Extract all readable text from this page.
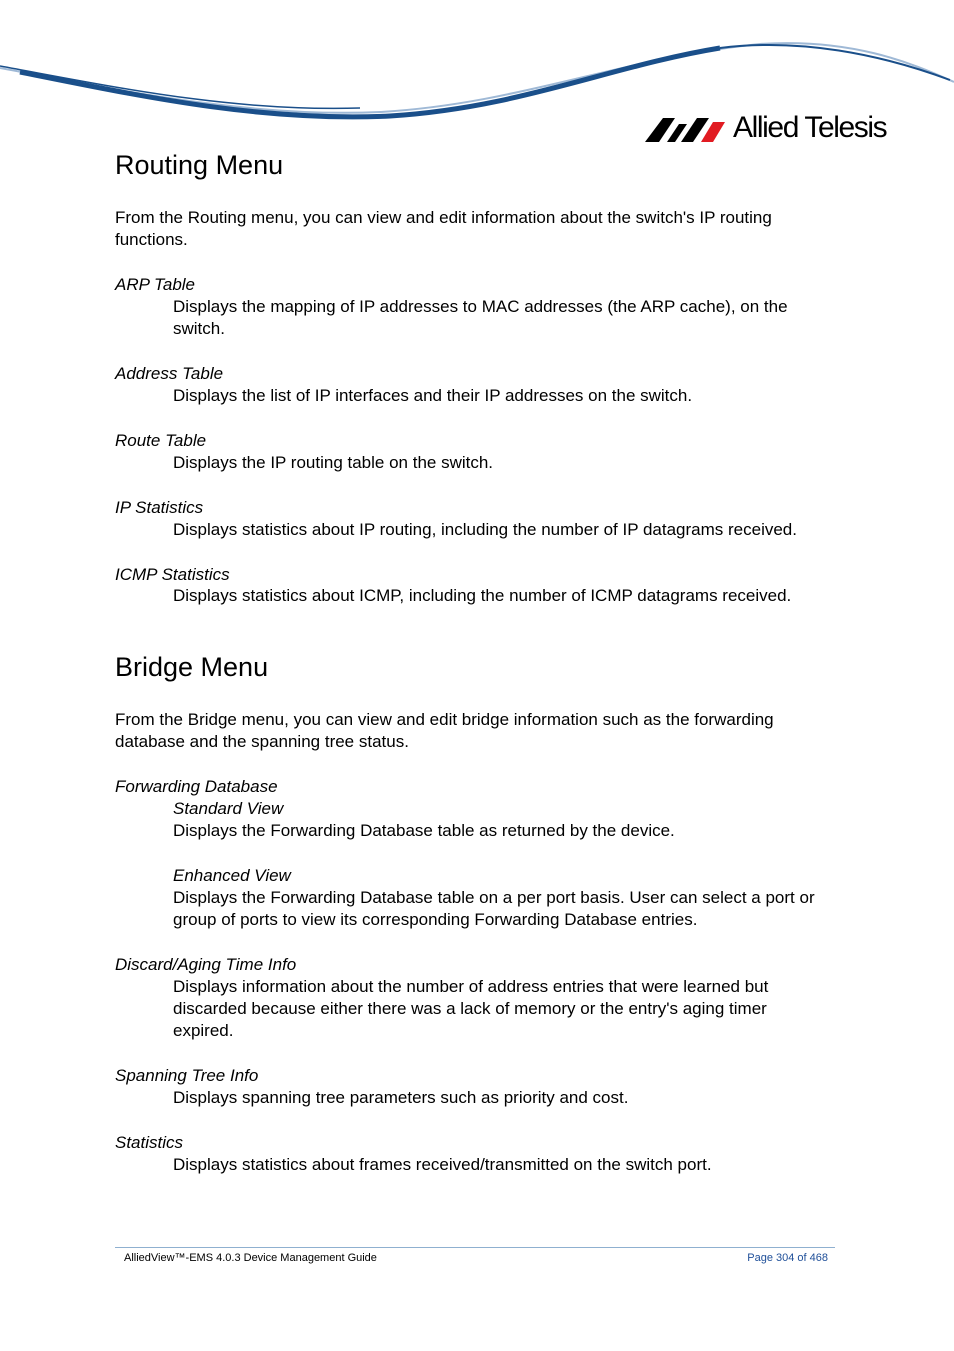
Allied Telesis
Routing Menu

From the Routing menu, you can view and edit information about the switch's IP routing functions.

ARP Table

Displays the mapping of IP addresses to MAC addresses (the ARP cache), on the switch.

Address Table

Displays the list of IP interfaces and their IP addresses on the switch.

Route Table

Displays the IP routing table on the switch.

IP Statistics

Displays statistics about IP routing, including the number of IP datagrams received.

ICMP Statistics

Displays statistics about ICMP, including the number of ICMP datagrams received.

Bridge Menu

From the Bridge menu, you can view and edit bridge information such as the forwarding database and the spanning tree status.

Forwarding Database

Standard View

Displays the Forwarding Database table as returned by the device.

Enhanced View

Displays the Forwarding Database table on a per port basis. User can select a port or group of ports to view its corresponding Forwarding Database entries.

Discard/Aging Time Info

Displays information about the number of address entries that were learned but discarded because either there was a lack of memory or the entry's aging timer expired.

Spanning Tree Info

Displays spanning tree parameters such as priority and cost.

Statistics

Displays statistics about frames received/transmitted on the switch port.

AlliedView™-EMS 4.0.3 Device Management Guide	Page 304 of 468
